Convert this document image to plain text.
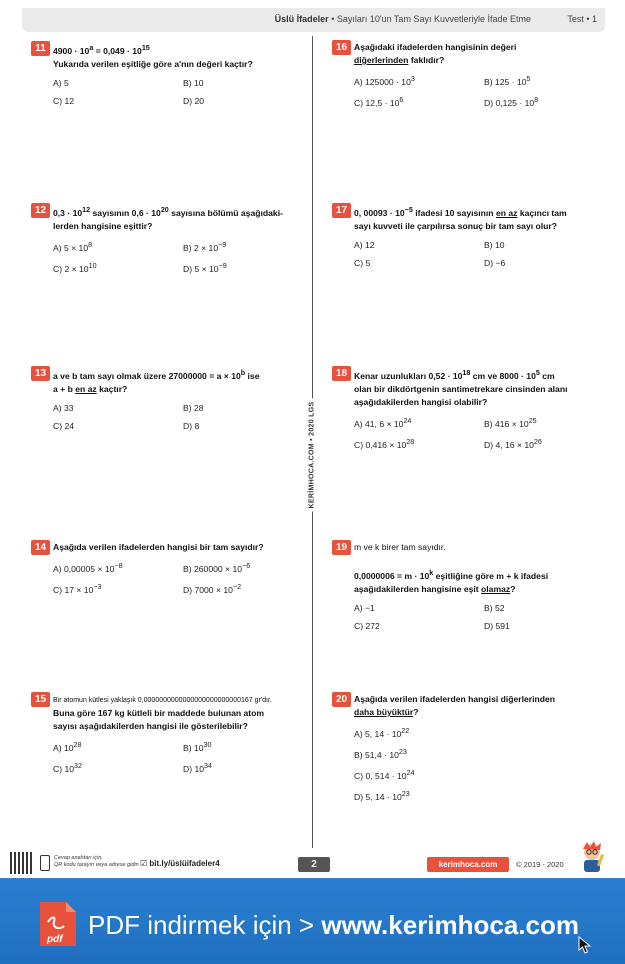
Üslü İfadeler • Sayıları 10'un Tam Sayı Kuvvetleriyle İfade Etme	Test • 1
KERİMHOCA.COM • 2020 LGS
11 $4900 \cdot 10^a = 0,049 \cdot 10^{15}$
Yukarıda verilen eşitliğe göre a'nın değeri kaçtır?
A) 5	B) 10
C) 12	D) 20
12 $0,3 \cdot 10^{12}$ sayısının $0,6 \cdot 10^{20}$ sayısına bölümü aşağıdaki-
lerden hangisine eşittir?
A) $5 \times 10^8$	B) $2 \times 10^{-9}$
C) $2 \times 10^{10}$	D) $5 \times 10^{-9}$
13 a ve b tam sayı olmak üzere $27000000 = a \times 10^b$ ise
a + b en az kaçtır?
A) 33	B) 28
C) 24	D) 8
14 Aşağıda verilen ifadelerden hangisi bir tam sayıdır?
A) $0,00005 \times 10^{-8}$	B) $260000 \times 10^{-6}$
C) $17 \times 10^{-3}$	D) $7000 \times 10^{-2}$
15 Bir atomun kütlesi yaklaşık 0,0000000000000000000000000167 gr'dır.
Buna göre 167 kg kütleli bir maddede bulunan atom
sayısı aşağıdakilerden hangisi ile gösterilebilir?
A) $10^{28}$	B) $10^{30}$
C) $10^{32}$	D) $10^{34}$
16 Aşağıdaki ifadelerden hangisinin değeri
diğerlerinden faklıdır?
A) $125000 \cdot 10^3$	B) $125 \cdot 10^5$
C) $12,5 \cdot 10^6$	D) $0,125 \cdot 10^8$
17 0, $00093 \cdot 10^{-5}$ ifadesi 10 sayısının en az kaçıncı tam
sayı kuvveti ile çarpılırsa sonuç bir tam sayı olur?
A) 12	B) 10
C) 5	D) −6
18 Kenar uzunlukları $0,52 \cdot 10^{18}$ cm ve $8000 \cdot 10^5$ cm
olan bir dikdörtgenin santimetrekare cinsinden alanı
aşağıdakilerden hangisi olabilir?
A) 41, $6 \times 10^{24}$	B) $416 \times 10^{25}$
C) $0,416 \times 10^{28}$	D) 4, $16 \times 10^{26}$
19 m ve k birer tam sayıdır.

$0,0000006 = m \cdot 10^k$ eşitliğine göre m + k ifadesi
aşağıdakilerden hangisine eşit olamaz?
A) −1	B) 52
C) 272	D) 591
20 Aşağıda verilen ifadelerden hangisi diğerlerinden
daha büyüktür?
A) 5, $14 \cdot 10^{22}$
B) $51,4 \cdot 10^{23}$
C) 0, $514 \cdot 10^{24}$
D) 5, $14 \cdot 10^{23}$
Cevap anahtarı için,
QR kodu tarayın veya adrese gidin ☑ bit.ly/üslüifadeler4	2	kerimhoca.com	© 2019 - 2020
pdf PDF indirmek için > www.kerimhoca.com
